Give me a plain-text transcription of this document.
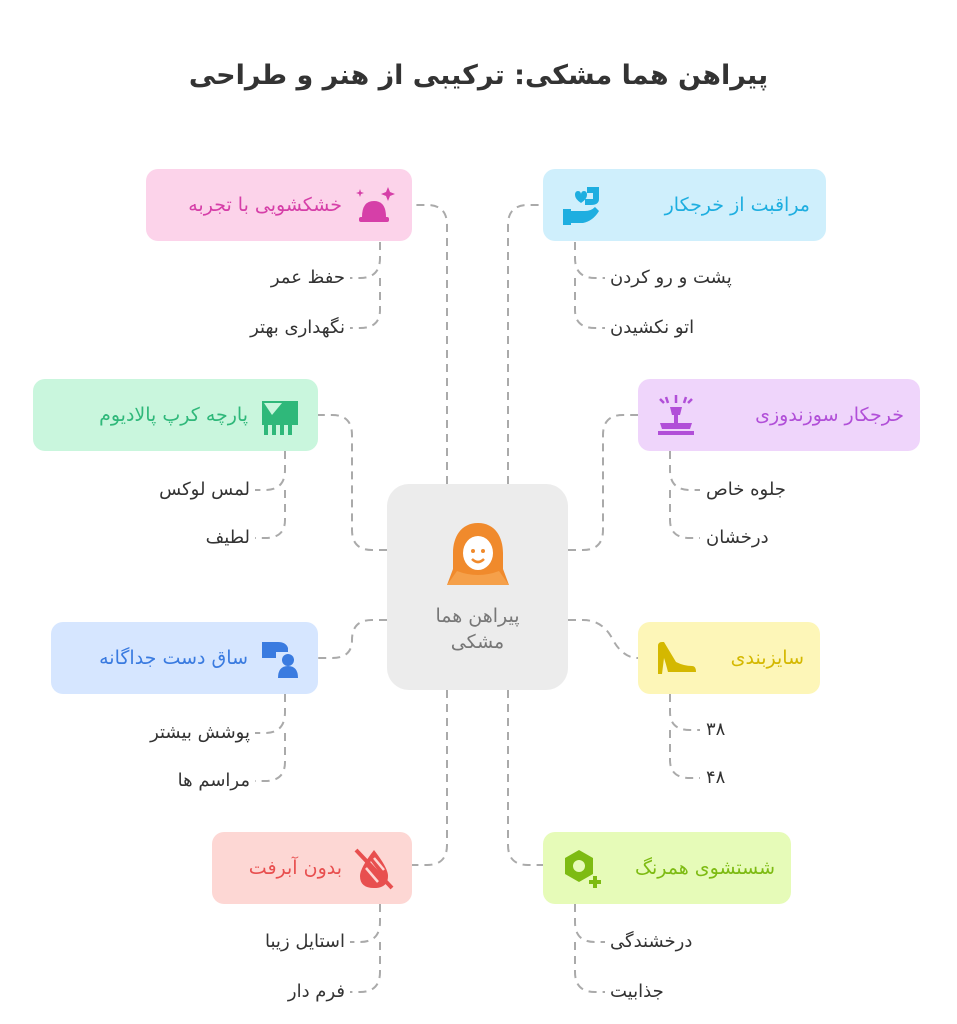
پیراهن هما مشکی: ترکیبی از هنر و طراحی
پیراهن هما مشکی
خشکشویی با تجربه
حفظ عمر
نگهداری بهتر
پارچه کرپ پالادیوم
لمس لوکس
لطیف
ساق دست جداگانه
پوشش بیشتر
مراسم ها
بدون آبرفت
استایل زیبا
فرم دار
مراقبت از خرجکار
پشت و رو کردن
اتو نکشیدن
خرجکار سوزندوزی
جلوه خاص
درخشان
سایزبندی
۳۸
۴۸
شستشوی همرنگ
درخشندگی
جذابیت
